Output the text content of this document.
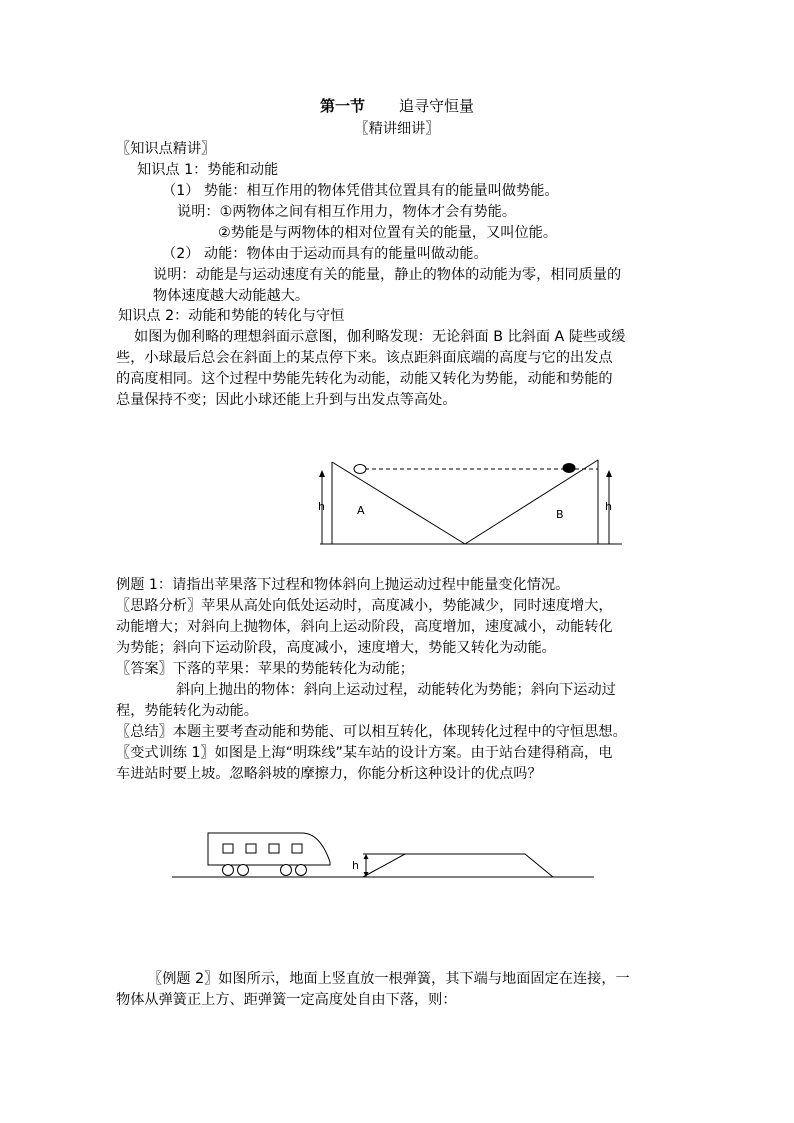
第一节 追寻守恒量
〖精讲细讲〗

〖知识点精讲〗

知识点 1：势能和动能

（1） 势能：相互作用的物体凭借其位置具有的能量叫做势能。

说明：①两物体之间有相互作用力，物体才会有势能。

②势能是与两物体的相对位置有关的能量，又叫位能。

（2） 动能：物体由于运动而具有的能量叫做动能。

说明：动能是与运动速度有关的能量，静止的物体的动能为零，相同质量的

物体速度越大动能越大。

知识点 2：动能和势能的转化与守恒

如图为伽利略的理想斜面示意图，伽利略发现：无论斜面 B 比斜面 A 陡些或缓

些，小球最后总会在斜面上的某点停下来。该点距斜面底端的高度与它的出发点

的高度相同。这个过程中势能先转化为动能，动能又转化为势能，动能和势能的

总量保持不变；因此小球还能上升到与出发点等高处。

h	A	B
h

例题 1：请指出苹果落下过程和物体斜向上抛运动过程中能量变化情况。

〖思路分析〗苹果从高处向低处运动时，高度减小，势能减少，同时速度增大，

动能增大；对斜向上抛物体，斜向上运动阶段，高度增加，速度减小，动能转化

为势能；斜向下运动阶段，高度减小，速度增大，势能又转化为动能。

〖答案〗下落的苹果：苹果的势能转化为动能；

斜向上抛出的物体：斜向上运动过程，动能转化为势能；斜向下运动过

程，势能转化为动能。

〖总结〗本题主要考查动能和势能、可以相互转化，体现转化过程中的守恒思想。

〖变式训练 1〗如图是上海“明珠线”某车站的设计方案。由于站台建得稍高，电

车进站时要上坡。忽略斜坡的摩擦力，你能分析这种设计的优点吗？

h

〖例题 2〗如图所示，地面上竖直放一根弹簧，其下端与地面固定在连接，一

物体从弹簧正上方、距弹簧一定高度处自由下落，则：
